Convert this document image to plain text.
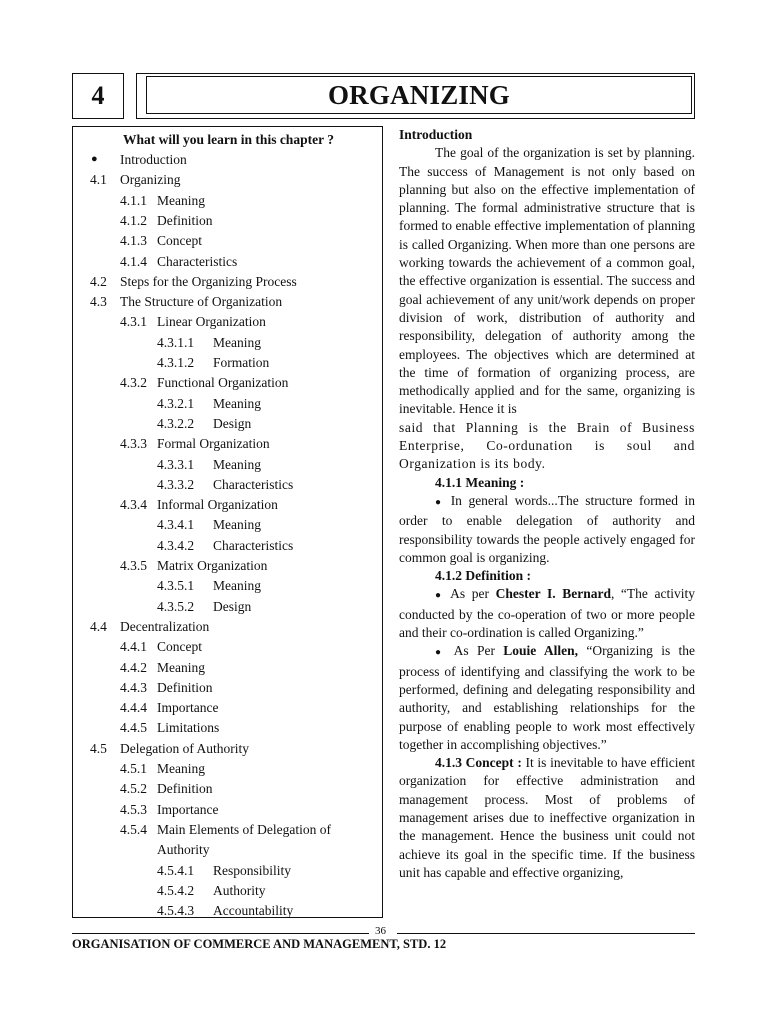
4	ORGANIZING
What will you learn in this chapter ?
● Introduction
4.1 Organizing
4.1.1 Meaning
4.1.2 Definition
4.1.3 Concept
4.1.4 Characteristics
4.2 Steps for the Organizing Process
4.3 The Structure of Organization
4.3.1 Linear Organization
4.3.1.1 Meaning
4.3.1.2 Formation
4.3.2 Functional Organization
4.3.2.1 Meaning
4.3.2.2 Design
4.3.3 Formal Organization
4.3.3.1 Meaning
4.3.3.2 Characteristics
4.3.4 Informal Organization
4.3.4.1 Meaning
4.3.4.2 Characteristics
4.3.5 Matrix Organization
4.3.5.1 Meaning
4.3.5.2 Design
4.4 Decentralization
4.4.1 Concept
4.4.2 Meaning
4.4.3 Definition
4.4.4 Importance
4.4.5 Limitations
4.5 Delegation of Authority
4.5.1 Meaning
4.5.2 Definition
4.5.3 Importance
4.5.4 Main Elements of Delegation of
Authority
4.5.4.1 Responsibility
4.5.4.2 Authority
4.5.4.3 Accountability

Introduction

The goal of the organization is set by planning. The success of Management is not only based on planning but also on the effective implementation of planning. The formal administrative structure that is formed to enable effective implementation of planning is called Organizing. When more than one persons are working towards the achievement of a common goal, the effective organization is essential. The success and goal achievement of any unit/work depends on proper division of work, distribution of authority and responsibility, delegation of authority among the employees. The objectives which are determined at the time of formation of organizing process, are methodically applied and for the same, organizing is inevitable. Hence it is

said that Planning is the Brain of Business Enterprise, Co-ordunation is soul and Organization is its body.

4.1.1 Meaning :

● In general words...The structure formed in order to enable delegation of authority and responsibility towards the people actively engaged for common goal is organizing.

4.1.2 Definition :

● As per Chester I. Bernard, “The activity conducted by the co-operation of two or more people and their co-ordination is called Organizing.”

● As Per Louie Allen, “Organizing is the process of identifying and classifying the work to be performed, defining and delegating responsibility and authority, and establishing relationships for the purpose of enabling people to work most effectively together in accomplishing objectives.”

4.1.3 Concept : It is inevitable to have efficient organization for effective administration and management process. Most of problems of management arises due to ineffective organization in the management. Hence the business unit could not achieve its goal in the specific time. If the business unit has capable and effective organizing,

36
ORGANISATION OF COMMERCE AND MANAGEMENT, STD. 12
